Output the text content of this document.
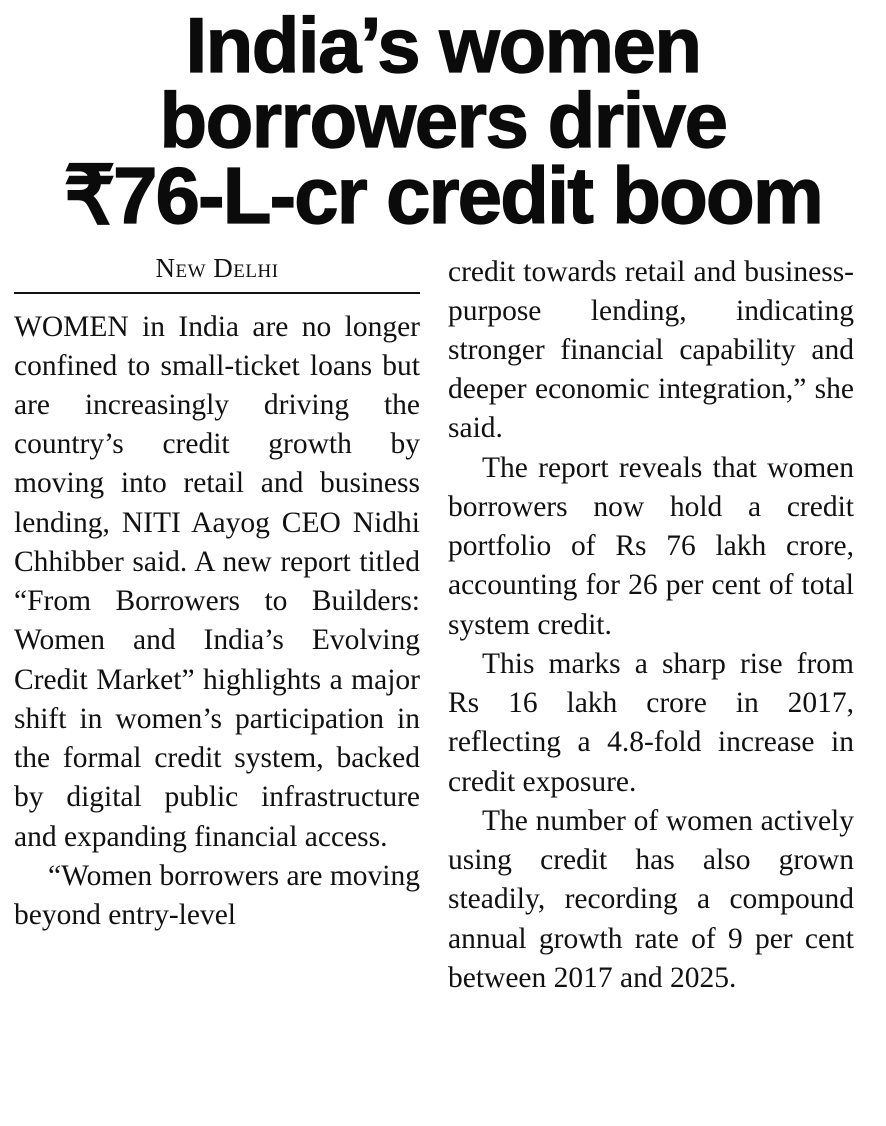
India’s women
borrowers drive
₹76-L-cr credit boom
New Delhi

WOMEN in India are no longer confined to small-ticket loans but are increasingly driving the country’s credit growth by moving into retail and business lending, NITI Aayog CEO Nidhi Chhibber said. A new report titled “From Borrowers to Builders: Women and India’s Evolving Credit Market” highlights a major shift in women’s participation in the formal credit system, backed by digital public infrastructure and expanding financial access.

“Women borrowers are moving beyond entry-level

credit towards retail and business-purpose lending, indicating stronger financial capability and deeper economic integration,” she said.

The report reveals that women borrowers now hold a credit portfolio of Rs 76 lakh crore, accounting for 26 per cent of total system credit.

This marks a sharp rise from Rs 16 lakh crore in 2017, reflecting a 4.8-fold increase in credit exposure.

The number of women actively using credit has also grown steadily, recording a compound annual growth rate of 9 per cent between 2017 and 2025.
